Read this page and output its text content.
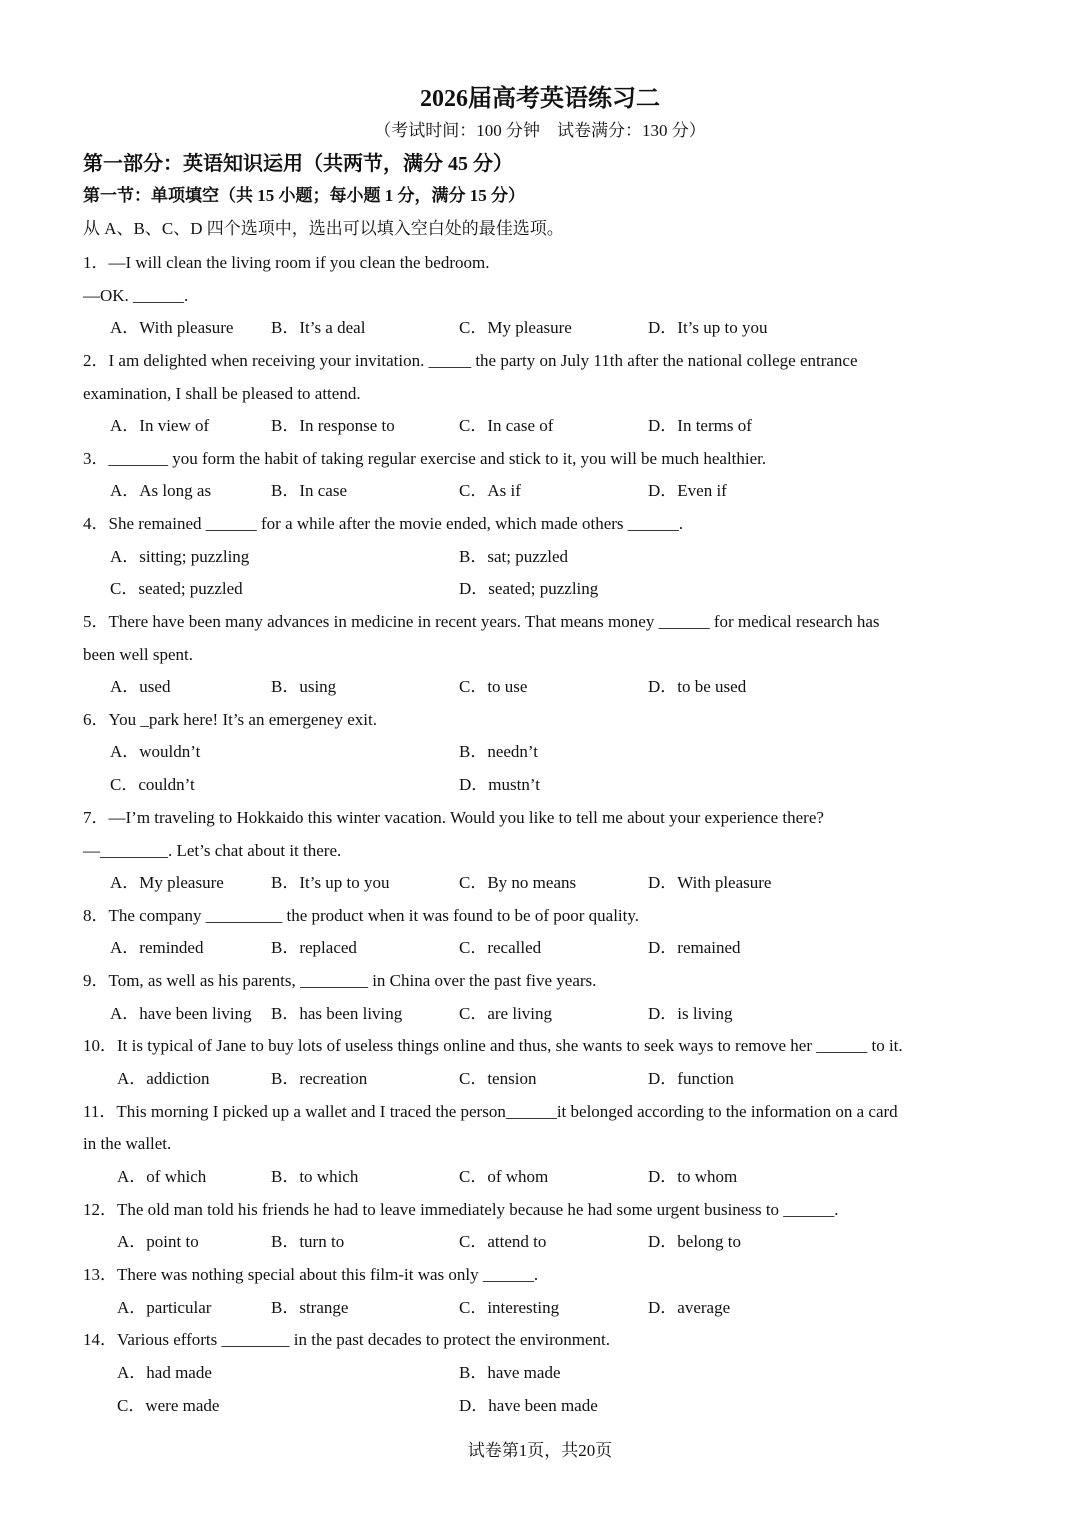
2026届高考英语练习二
（考试时间：100 分钟　试卷满分：130 分）
第一部分：英语知识运用（共两节，满分 45 分）
第一节：单项填空（共 15 小题；每小题 1 分，满分 15 分）
从 A、B、C、D 四个选项中，选出可以填入空白处的最佳选项。
1．—I will clean the living room if you clean the bedroom.
—OK. ______.
A．With pleasure B．It’s a deal	C．My pleasure	D．It’s up to you
2．I am delighted when receiving your invitation. _____ the party on July 11th after the national college entrance
examination, I shall be pleased to attend.
A．In view of	B．In response to	C．In case of	D．In terms of
3．_______ you form the habit of taking regular exercise and stick to it, you will be much healthier.
A．As long as	B．In case	C．As if	D．Even if
4．She remained ______ for a while after the movie ended, which made others ______.
A．sitting; puzzling	B．sat; puzzled
C．seated; puzzled	D．seated; puzzling
5．There have been many advances in medicine in recent years. That means money ______ for medical research has
been well spent.
A．used	B．using	C．to use	D．to be used
6．You _park here! It’s an emergeney exit.
A．wouldn’t	B．needn’t
C．couldn’t	D．mustn’t
7．—I’m traveling to Hokkaido this winter vacation. Would you like to tell me about your experience there?
—________. Let’s chat about it there.
A．My pleasure	B．It’s up to you	C．By no means	D．With pleasure
8．The company _________ the product when it was found to be of poor quality.
A．reminded	B．replaced	C．recalled	D．remained
9．Tom, as well as his parents, ________ in China over the past five years.
A．have been living B．has been living	C．are living	D．is living
10．It is typical of Jane to buy lots of useless things online and thus, she wants to seek ways to remove her ______ to it.
A．addiction	B．recreation	C．tension	D．function
11．This morning I picked up a wallet and I traced the person______it belonged according to the information on a card
in the wallet.
A．of which	B．to which	C．of whom	D．to whom
12．The old man told his friends he had to leave immediately because he had some urgent business to ______.
A．point to	B．turn to	C．attend to	D．belong to
13．There was nothing special about this film-it was only ______.
A．particular	B．strange	C．interesting	D．average
14．Various efforts ________ in the past decades to protect the environment.
A．had made	B．have made
C．were made	D．have been made
试卷第1页，共20页
